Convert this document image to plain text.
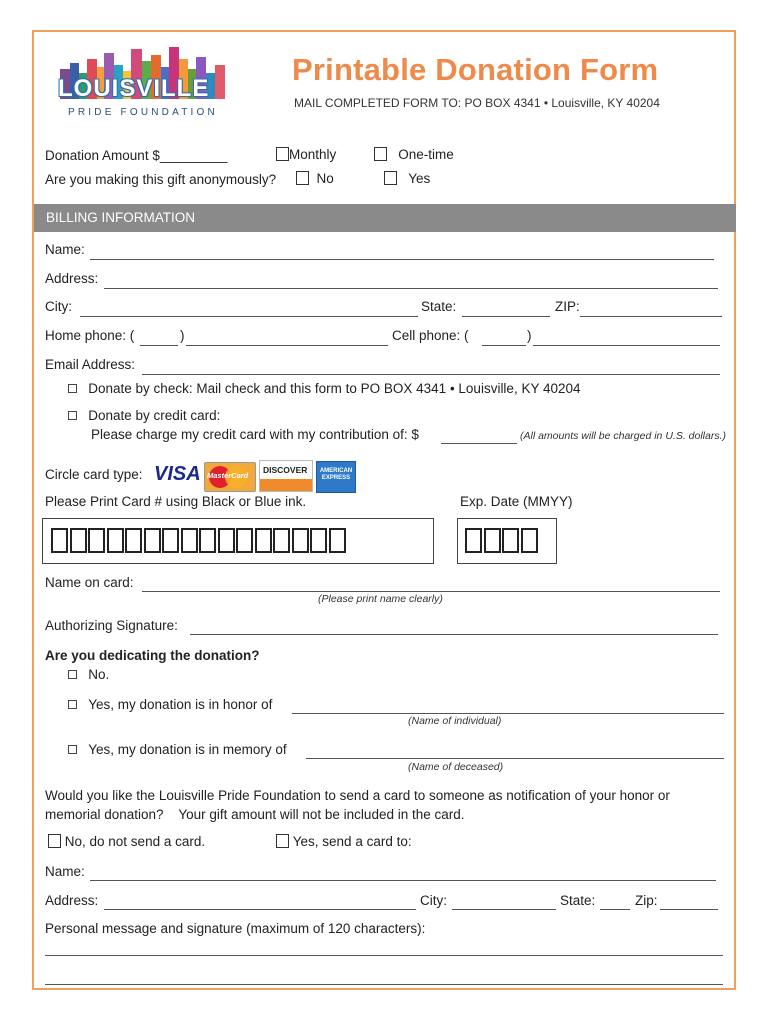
LOUISVILLE
PRIDE FOUNDATION
Printable Donation Form
MAIL COMPLETED FORM TO: PO BOX 4341 • Louisville, KY 40204
Donation Amount $_________	Monthly	One-time
Are you making this gift anonymously?	No	Yes
BILLING INFORMATION
Name:
Address:
City:	State:	ZIP:
Home phone: (	)	Cell phone: (	)
Email Address:
Donate by check: Mail check and this form to PO BOX 4341 • Louisville, KY 40204
Donate by credit card:
Please charge my credit card with my contribution of: $	(All amounts will be charged in U.S. dollars.)
Circle card type: VISA MasterCard
DISCOVER AMERICAN EXPRESS
Please Print Card # using Black or Blue ink.	Exp. Date (MMYY)
Name on card:
(Please print name clearly)
Authorizing Signature:
Are you dedicating the donation?
No.
Yes, my donation is in honor of
(Name of individual)
Yes, my donation is in memory of
(Name of deceased)
Would you like the Louisville Pride Foundation to send a card to someone as notification of your honor or
memorial donation?    Your gift amount will not be included in the card.
No, do not send a card.	Yes, send a card to:
Name:
Address:	City:	State:	Zip:
Personal message and signature (maximum of 120 characters):
